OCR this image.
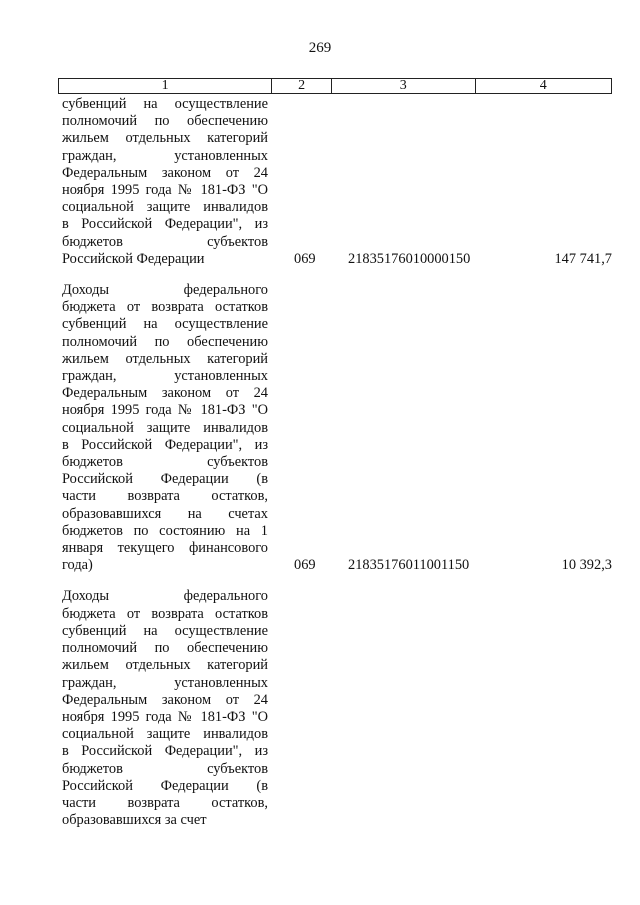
269
1	2	3	4
субвенций на осуществление
полномочий по обеспечению
жильем отдельных категорий
граждан, установленных
Федеральным законом от 24
ноября 1995 года № 181-ФЗ "О
социальной защите инвалидов
в Российской Федерации", из
бюджетов субъектов
Российской Федерации	069 21835176010000150	147 741,7
Доходы федерального
бюджета от возврата остатков
субвенций на осуществление
полномочий по обеспечению
жильем отдельных категорий
граждан, установленных
Федеральным законом от 24
ноября 1995 года № 181-ФЗ "О
социальной защите инвалидов
в Российской Федерации", из
бюджетов субъектов
Российской Федерации (в
части возврата остатков,
образовавшихся на счетах
бюджетов по состоянию на 1
января текущего финансового
года)	069 21835176011001150	10 392,3
Доходы федерального
бюджета от возврата остатков
субвенций на осуществление
полномочий по обеспечению
жильем отдельных категорий
граждан, установленных
Федеральным законом от 24
ноября 1995 года № 181-ФЗ "О
социальной защите инвалидов
в Российской Федерации", из
бюджетов субъектов
Российской Федерации (в
части возврата остатков,
образовавшихся за счет
